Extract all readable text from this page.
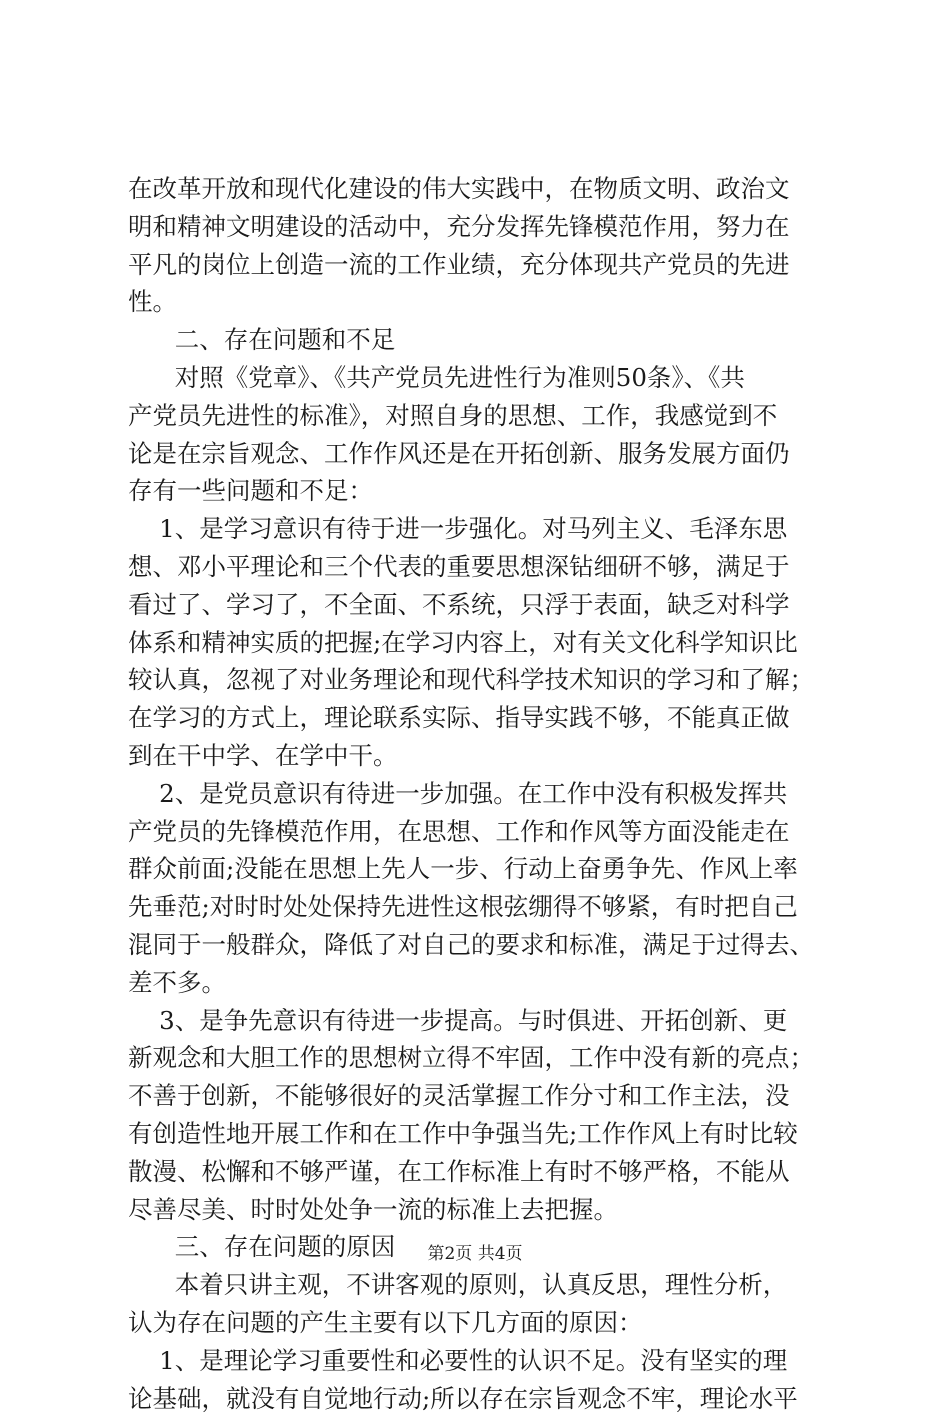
在改革开放和现代化建设的伟大实践中，在物质文明、政治文
明和精神文明建设的活动中，充分发挥先锋模范作用，努力在
平凡的岗位上创造一流的工作业绩，充分体现共产党员的先进
性。
二、存在问题和不足
对照《党章》、《共产党员先进性行为准则50条》、《共
产党员先进性的标准》，对照自身的思想、工作，我感觉到不
论是在宗旨观念、工作作风还是在开拓创新、服务发展方面仍
存有一些问题和不足：
1、是学习意识有待于进一步强化。对马列主义、毛泽东思
想、邓小平理论和三个代表的重要思想深钻细研不够，满足于
看过了、学习了，不全面、不系统，只浮于表面，缺乏对科学
体系和精神实质的把握;在学习内容上，对有关文化科学知识比
较认真，忽视了对业务理论和现代科学技术知识的学习和了解；
在学习的方式上，理论联系实际、指导实践不够，不能真正做
到在干中学、在学中干。
2、是党员意识有待进一步加强。在工作中没有积极发挥共
产党员的先锋模范作用，在思想、工作和作风等方面没能走在
群众前面;没能在思想上先人一步、行动上奋勇争先、作风上率
先垂范;对时时处处保持先进性这根弦绷得不够紧，有时把自己
混同于一般群众，降低了对自己的要求和标准，满足于过得去、
差不多。
3、是争先意识有待进一步提高。与时俱进、开拓创新、更
新观念和大胆工作的思想树立得不牢固，工作中没有新的亮点；
不善于创新，不能够很好的灵活掌握工作分寸和工作主法，没
有创造性地开展工作和在工作中争强当先;工作作风上有时比较
散漫、松懈和不够严谨，在工作标准上有时不够严格，不能从
尽善尽美、时时处处争一流的标准上去把握。
三、存在问题的原因
本着只讲主观，不讲客观的原则，认真反思，理性分析，
认为存在问题的产生主要有以下几方面的原因：
1、是理论学习重要性和必要性的认识不足。没有坚实的理
论基础，就没有自觉地行动;所以存在宗旨观念不牢，理论水平
第2页 共4页
